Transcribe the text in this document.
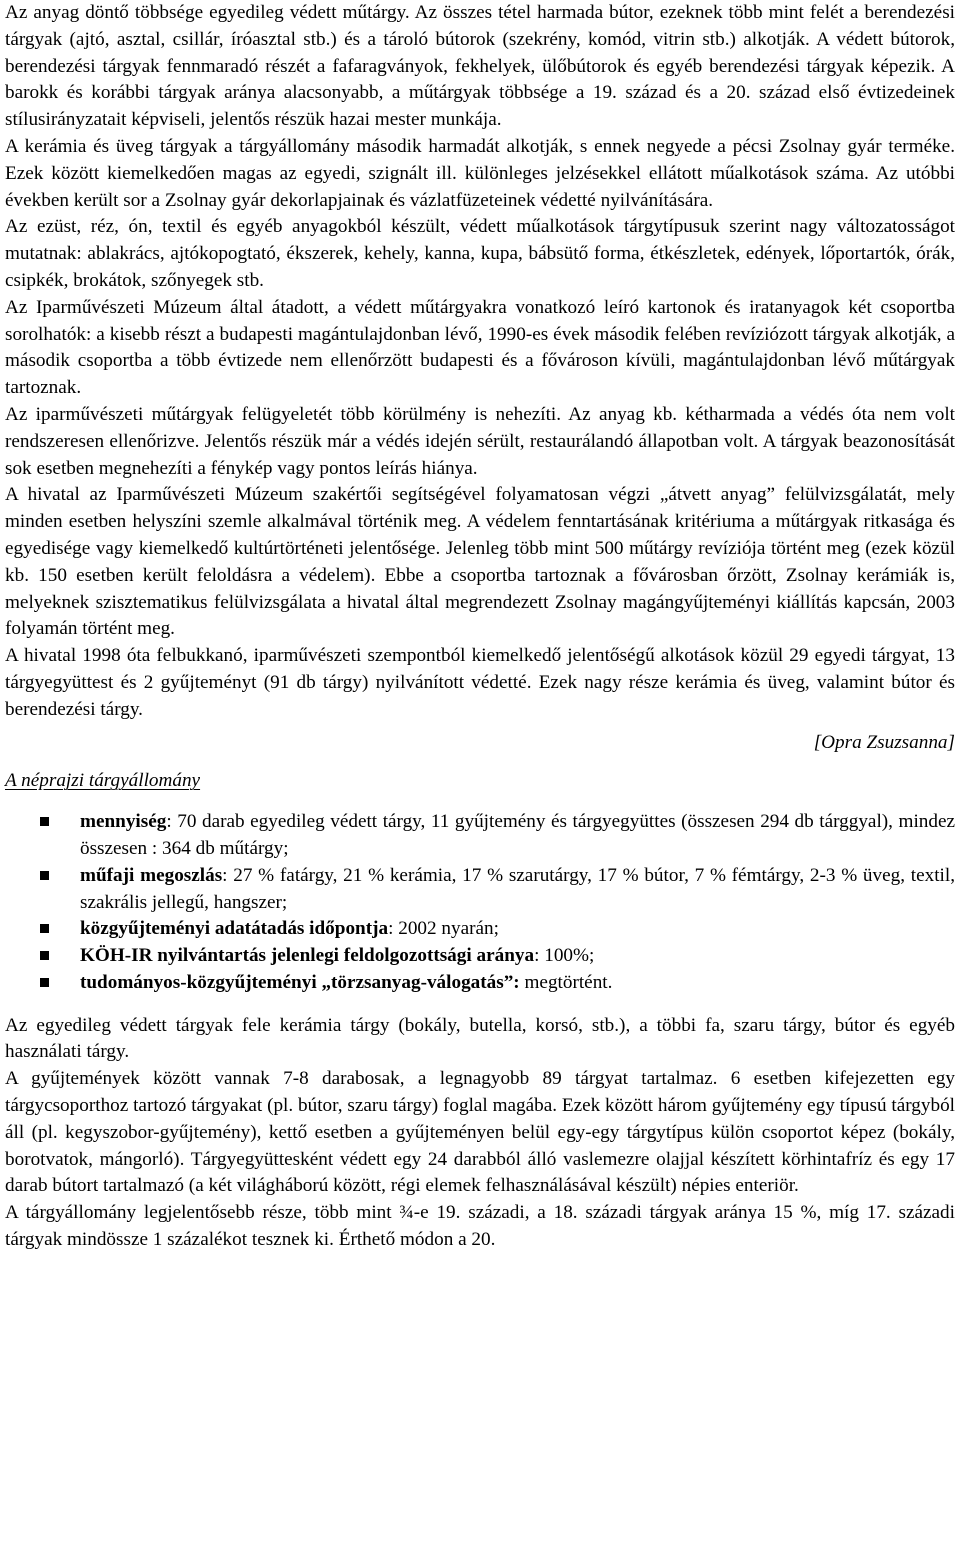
Az anyag döntő többsége egyedileg védett műtárgy. Az összes tétel harmada bútor, ezeknek több mint felét a berendezési tárgyak (ajtó, asztal, csillár, íróasztal stb.) és a tároló bútorok (szekrény, komód, vitrin stb.) alkotják. A védett bútorok, berendezési tárgyak fennmaradó részét a fafaragványok, fekhelyek, ülőbútorok és egyéb berendezési tárgyak képezik. A barokk és korábbi tárgyak aránya alacsonyabb, a műtárgyak többsége a 19. század és a 20. század első évtizedeinek stílusirányzatait képviseli, jelentős részük hazai mester munkája.

A kerámia és üveg tárgyak a tárgyállomány második harmadát alkotják, s ennek negyede a pécsi Zsolnay gyár terméke. Ezek között kiemelkedően magas az egyedi, szignált ill. különleges jelzésekkel ellátott műalkotások száma. Az utóbbi években került sor a Zsolnay gyár dekorlapjainak és vázlatfüzeteinek védetté nyilvánítására.

Az ezüst, réz, ón, textil és egyéb anyagokból készült, védett műalkotások tárgytípusuk szerint nagy változatosságot mutatnak: ablakrács, ajtókopogtató, ékszerek, kehely, kanna, kupa, bábsütő forma, étkészletek, edények, lőportartók, órák, csipkék, brokátok, szőnyegek stb.

Az Iparművészeti Múzeum által átadott, a védett műtárgyakra vonatkozó leíró kartonok és iratanyagok két csoportba sorolhatók: a kisebb részt a budapesti magántulajdonban lévő, 1990-es évek második felében revíziózott tárgyak alkotják, a második csoportba a több évtizede nem ellenőrzött budapesti és a fővároson kívüli, magántulajdonban lévő műtárgyak tartoznak.

Az iparművészeti műtárgyak felügyeletét több körülmény is nehezíti. Az anyag kb. kétharmada a védés óta nem volt rendszeresen ellenőrizve. Jelentős részük már a védés idején sérült, restaurálandó állapotban volt. A tárgyak beazonosítását sok esetben megnehezíti a fénykép vagy pontos leírás hiánya.

A hivatal az Iparművészeti Múzeum szakértői segítségével folyamatosan végzi „átvett anyag” felülvizsgálatát, mely minden esetben helyszíni szemle alkalmával történik meg. A védelem fenntartásának kritériuma a műtárgyak ritkasága és egyedisége vagy kiemelkedő kultúrtörténeti jelentősége. Jelenleg több mint 500 műtárgy revíziója történt meg (ezek közül kb. 150 esetben került feloldásra a védelem). Ebbe a csoportba tartoznak a fővárosban őrzött, Zsolnay kerámiák is, melyeknek szisztematikus felülvizsgálata a hivatal által megrendezett Zsolnay magángyűjteményi kiállítás kapcsán, 2003 folyamán történt meg.

A hivatal 1998 óta felbukkanó, iparművészeti szempontból kiemelkedő jelentőségű alkotások közül 29 egyedi tárgyat, 13 tárgyegyüttest és 2 gyűjteményt (91 db tárgy) nyilvánított védetté. Ezek nagy része kerámia és üveg, valamint bútor és berendezési tárgy.

[Opra Zsuzsanna]

A néprajzi tárgyállomány

mennyiség: 70 darab egyedileg védett tárgy, 11 gyűjtemény és tárgyegyüttes (összesen 294 db tárggyal), mindez összesen : 364 db műtárgy;
műfaji megoszlás: 27 % fatárgy, 21 % kerámia, 17 % szarutárgy, 17 % bútor, 7 % fémtárgy, 2-3 % üveg, textil, szakrális jellegű, hangszer;
közgyűjteményi adatátadás időpontja: 2002 nyarán;
KÖH-IR nyilvántartás jelenlegi feldolgozottsági aránya: 100%;
tudományos-közgyűjteményi „törzsanyag-válogatás”: megtörtént.

Az egyedileg védett tárgyak fele kerámia tárgy (bokály, butella, korsó, stb.), a többi fa, szaru tárgy, bútor és egyéb használati tárgy.

A gyűjtemények között vannak 7-8 darabosak, a legnagyobb 89 tárgyat tartalmaz. 6 esetben kifejezetten egy tárgycsoporthoz tartozó tárgyakat (pl. bútor, szaru tárgy) foglal magába. Ezek között három gyűjtemény egy típusú tárgyból áll (pl. kegyszobor-gyűjtemény), kettő esetben a gyűjteményen belül egy-egy tárgytípus külön csoportot képez (bokály, borotvatok, mángorló). Tárgyegyüttesként védett egy 24 darabból álló vaslemezre olajjal készített körhintafríz és egy 17 darab bútort tartalmazó (a két világháború között, régi elemek felhasználásával készült) népies enteriör.

A tárgyállomány legjelentősebb része, több mint ¾-e 19. századi, a 18. századi tárgyak aránya 15 %, míg 17. századi tárgyak mindössze 1 százalékot tesznek ki. Érthető módon a 20.
